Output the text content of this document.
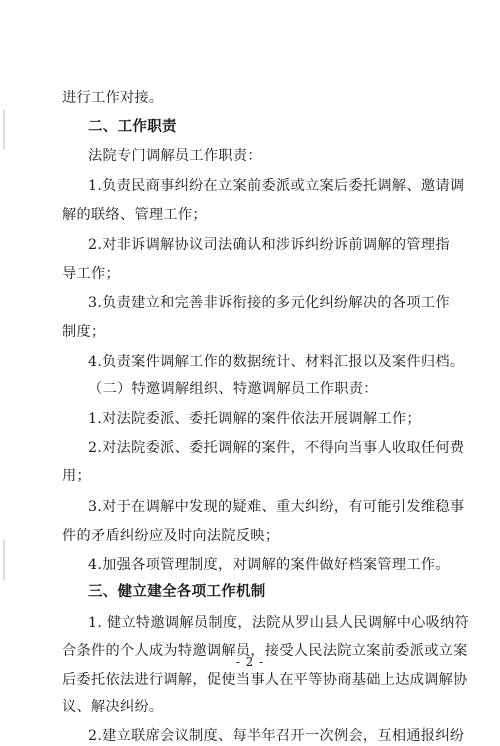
进行工作对接。
二、工作职责
法院专门调解员工作职责：
1.负责民商事纠纷在立案前委派或立案后委托调解、邀请调
解的联络、管理工作；
2.对非诉调解协议司法确认和涉诉纠纷诉前调解的管理指
导工作；
3.负责建立和完善非诉衔接的多元化纠纷解决的各项工作
制度；
4.负责案件调解工作的数据统计、材料汇报以及案件归档。
（二）特邀调解组织、特邀调解员工作职责：
1.对法院委派、委托调解的案件依法开展调解工作；
2.对法院委派、委托调解的案件，不得向当事人收取任何费
用；
3.对于在调解中发现的疑难、重大纠纷，有可能引发维稳事
件的矛盾纠纷应及时向法院反映；
4.加强各项管理制度，对调解的案件做好档案管理工作。
三、健立建全各项工作机制
1. 健立特邀调解员制度，法院从罗山县人民调解中心吸纳符
合条件的个人成为特邀调解员，接受人民法院立案前委派或立案
后委托依法进行调解，促使当事人在平等协商基础上达成调解协
议、解决纠纷。
2.建立联席会议制度、每半年召开一次例会，互相通报纠纷
- 2 -
